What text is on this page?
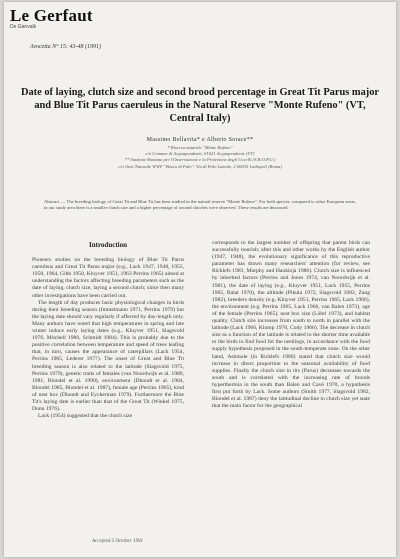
Le Gerfaut
De Giervalk
Avocetta N° 15: 43-48 (1991)
Date of laying, clutch size and second brood percentage in Great Tit Parus major and Blue Tit Parus caeruleus in the Natural Reserve "Monte Rufeno" (VT, Central Italy)
Massimo Bellavita* e Alberto Sorace**
* Riserva naturale "Monte Rufeno"
c/o Comune di Acquapendente, 01021 Acquapendente (VT)
** Stazione Romana per l'Osservazione e la Protezione degli Uccelli (S.R.O.P.U.)
c/o Oasi Naturale WWF "Bosco di Palo", Via di Palo Laziale, 2 00055 Ladispoli (Roma)
Abstract — The breeding biology of Great Tit and Blue Tit has been studied in the natural reserve "Monte Rufeno". For both species, compared to other European areas, in our study area there is a smaller clutch size and a higher percentage of second clutches were observed. These results are discussed.
Introduction

Pioneers studies on the breeding biology of Blue Tit Parus caeruleus and Great Tit Parus major (e.g., Lack 1947, 1948, 1955, 1958, 1964, Gibb 1950, Kluyver 1951, 1963 Perrins 1965) aimed at understanding the factors affecting breeding parameters such as the date of laying, clutch size, laying a second clutch; since then many other investigations have been carried out.

The length of day produces basic physiological changes in birds during their breeding season (Immelmann 1971, Perrins 1979) but the laying date should vary regularly if affected by day-length only. Many authors have noted that high temperatures in spring and late winter induce early laying dates (e.g., Kluyver 1951, Slagsvold 1976, Mitchell 1980, Schmidt 1984). This is probably due to the positive correlation between temperature and speed of trees leafing that, in turn, causes the appearance of caterpillars (Lack 1954, Perrins 1965, Lederer 1977). The onset of Great and Blue Tit breeding season is also related to the latitude (Slagsvold 1975, Perrins 1979), genetic traits of females (van Noordwijk et al. 1980, 1981, Blondel et al. 1990), environment (Dhondt et al. 1984, Blondel 1985, Blondel et al. 1987), female age (Perrins 1965), kind of nest box (Dhondt and Eyckerman 1979). Furthermore the Blue Tit's laying date is earlier than that of the Great Tit (Winkel 1975, Dunn 1976).

Lack (1954) suggested that the clutch size

corresponds to the largest number of offspring that parent birds can successfully nourish; after this and other works by the English author (1947, 1948), the evolutionary significance of this reproductive parameter has drawn many researchers' attention (for review, see Ricklefs 1983, Murphy and Haukioja 1986). Clutch size is influenced by inherited factors (Perrins and Jones 1974, van Noordwijk et al. 1981), the date of laying (e.g., Kluyver 1951, Lack 1955, Perrins 1965, Balat 1970), the altitude (Pikula 1972, Slagsvold 1982, Zang 1982), breeders density (e.g. Kluyver 1951, Perrins 1965, Lack 1966), the environment (e.g. Perrins 1965, Lack 1966, van Balen 1973), age of the female (Perrins 1965), nest box size (Löhrl 1973), and habitat quality. Clutch size increases from south to north in parallel with the latitude (Lack 1966, Klomp 1970, Cody 1966). The decrease in clutch size as a function of the latitude is related to the shorter time available to the birds to find food for the nestlings, in accordance with the food supply hypothesis proposed in the south-temperate zone. On the other hand, Ashmole (in Ricklefs 1980) stated that clutch size would increase in direct proportion to the seasonal availability of food supplies. Finally the clutch size in tits (Parus) decreases towards the south and is correlated with the increasing rate of broods hyperthermia in the south than Balen and Cavé 1970, a hypothesis first put forth by Lack. Some authors (Smith 1977, Slagsvold 1982, Blondel et al. 1987) deny the latitudinal decline in clutch size yet state that the main factor for the geographical

Accepted 5 October 1991
